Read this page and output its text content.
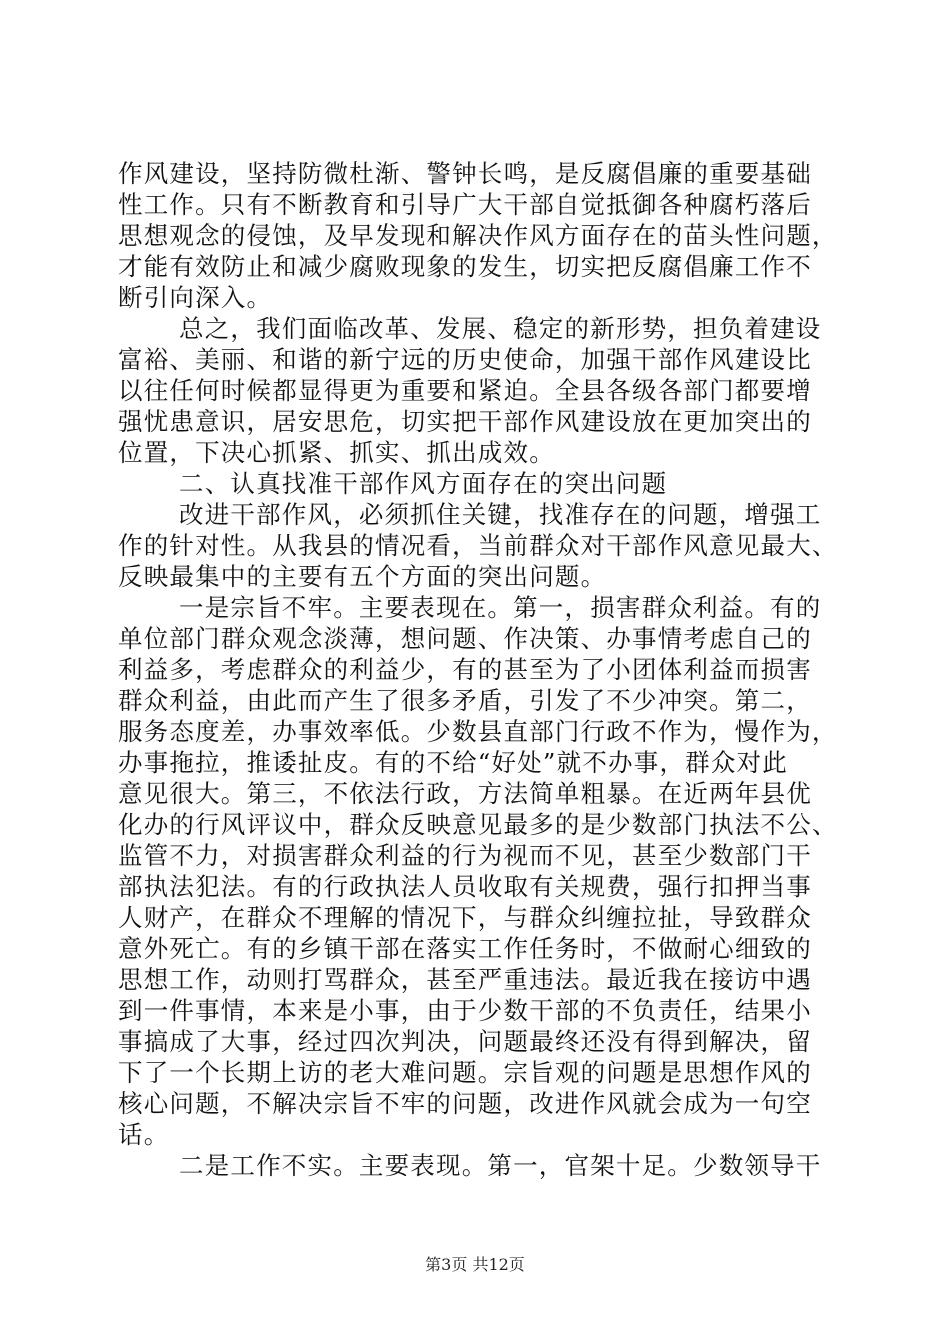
作风建设，坚持防微杜渐、警钟长鸣，是反腐倡廉的重要基础
性工作。只有不断教育和引导广大干部自觉抵御各种腐朽落后
思想观念的侵蚀，及早发现和解决作风方面存在的苗头性问题，
才能有效防止和减少腐败现象的发生，切实把反腐倡廉工作不
断引向深入。
总之，我们面临改革、发展、稳定的新形势，担负着建设
富裕、美丽、和谐的新宁远的历史使命，加强干部作风建设比
以往任何时候都显得更为重要和紧迫。全县各级各部门都要增
强忧患意识，居安思危，切实把干部作风建设放在更加突出的
位置，下决心抓紧、抓实、抓出成效。
二、认真找准干部作风方面存在的突出问题
改进干部作风，必须抓住关键，找准存在的问题，增强工
作的针对性。从我县的情况看，当前群众对干部作风意见最大、
反映最集中的主要有五个方面的突出问题。
一是宗旨不牢。主要表现在。第一，损害群众利益。有的
单位部门群众观念淡薄，想问题、作决策、办事情考虑自己的
利益多，考虑群众的利益少，有的甚至为了小团体利益而损害
群众利益，由此而产生了很多矛盾，引发了不少冲突。第二，
服务态度差，办事效率低。少数县直部门行政不作为，慢作为，
办事拖拉，推诿扯皮。有的不给“好处”就不办事，群众对此
意见很大。第三，不依法行政，方法简单粗暴。在近两年县优
化办的行风评议中，群众反映意见最多的是少数部门执法不公、
监管不力，对损害群众利益的行为视而不见，甚至少数部门干
部执法犯法。有的行政执法人员收取有关规费，强行扣押当事
人财产，在群众不理解的情况下，与群众纠缠拉扯，导致群众
意外死亡。有的乡镇干部在落实工作任务时，不做耐心细致的
思想工作，动则打骂群众，甚至严重违法。最近我在接访中遇
到一件事情，本来是小事，由于少数干部的不负责任，结果小
事搞成了大事，经过四次判决，问题最终还没有得到解决，留
下了一个长期上访的老大难问题。宗旨观的问题是思想作风的
核心问题，不解决宗旨不牢的问题，改进作风就会成为一句空
话。
二是工作不实。主要表现。第一，官架十足。少数领导干
第3页 共12页
